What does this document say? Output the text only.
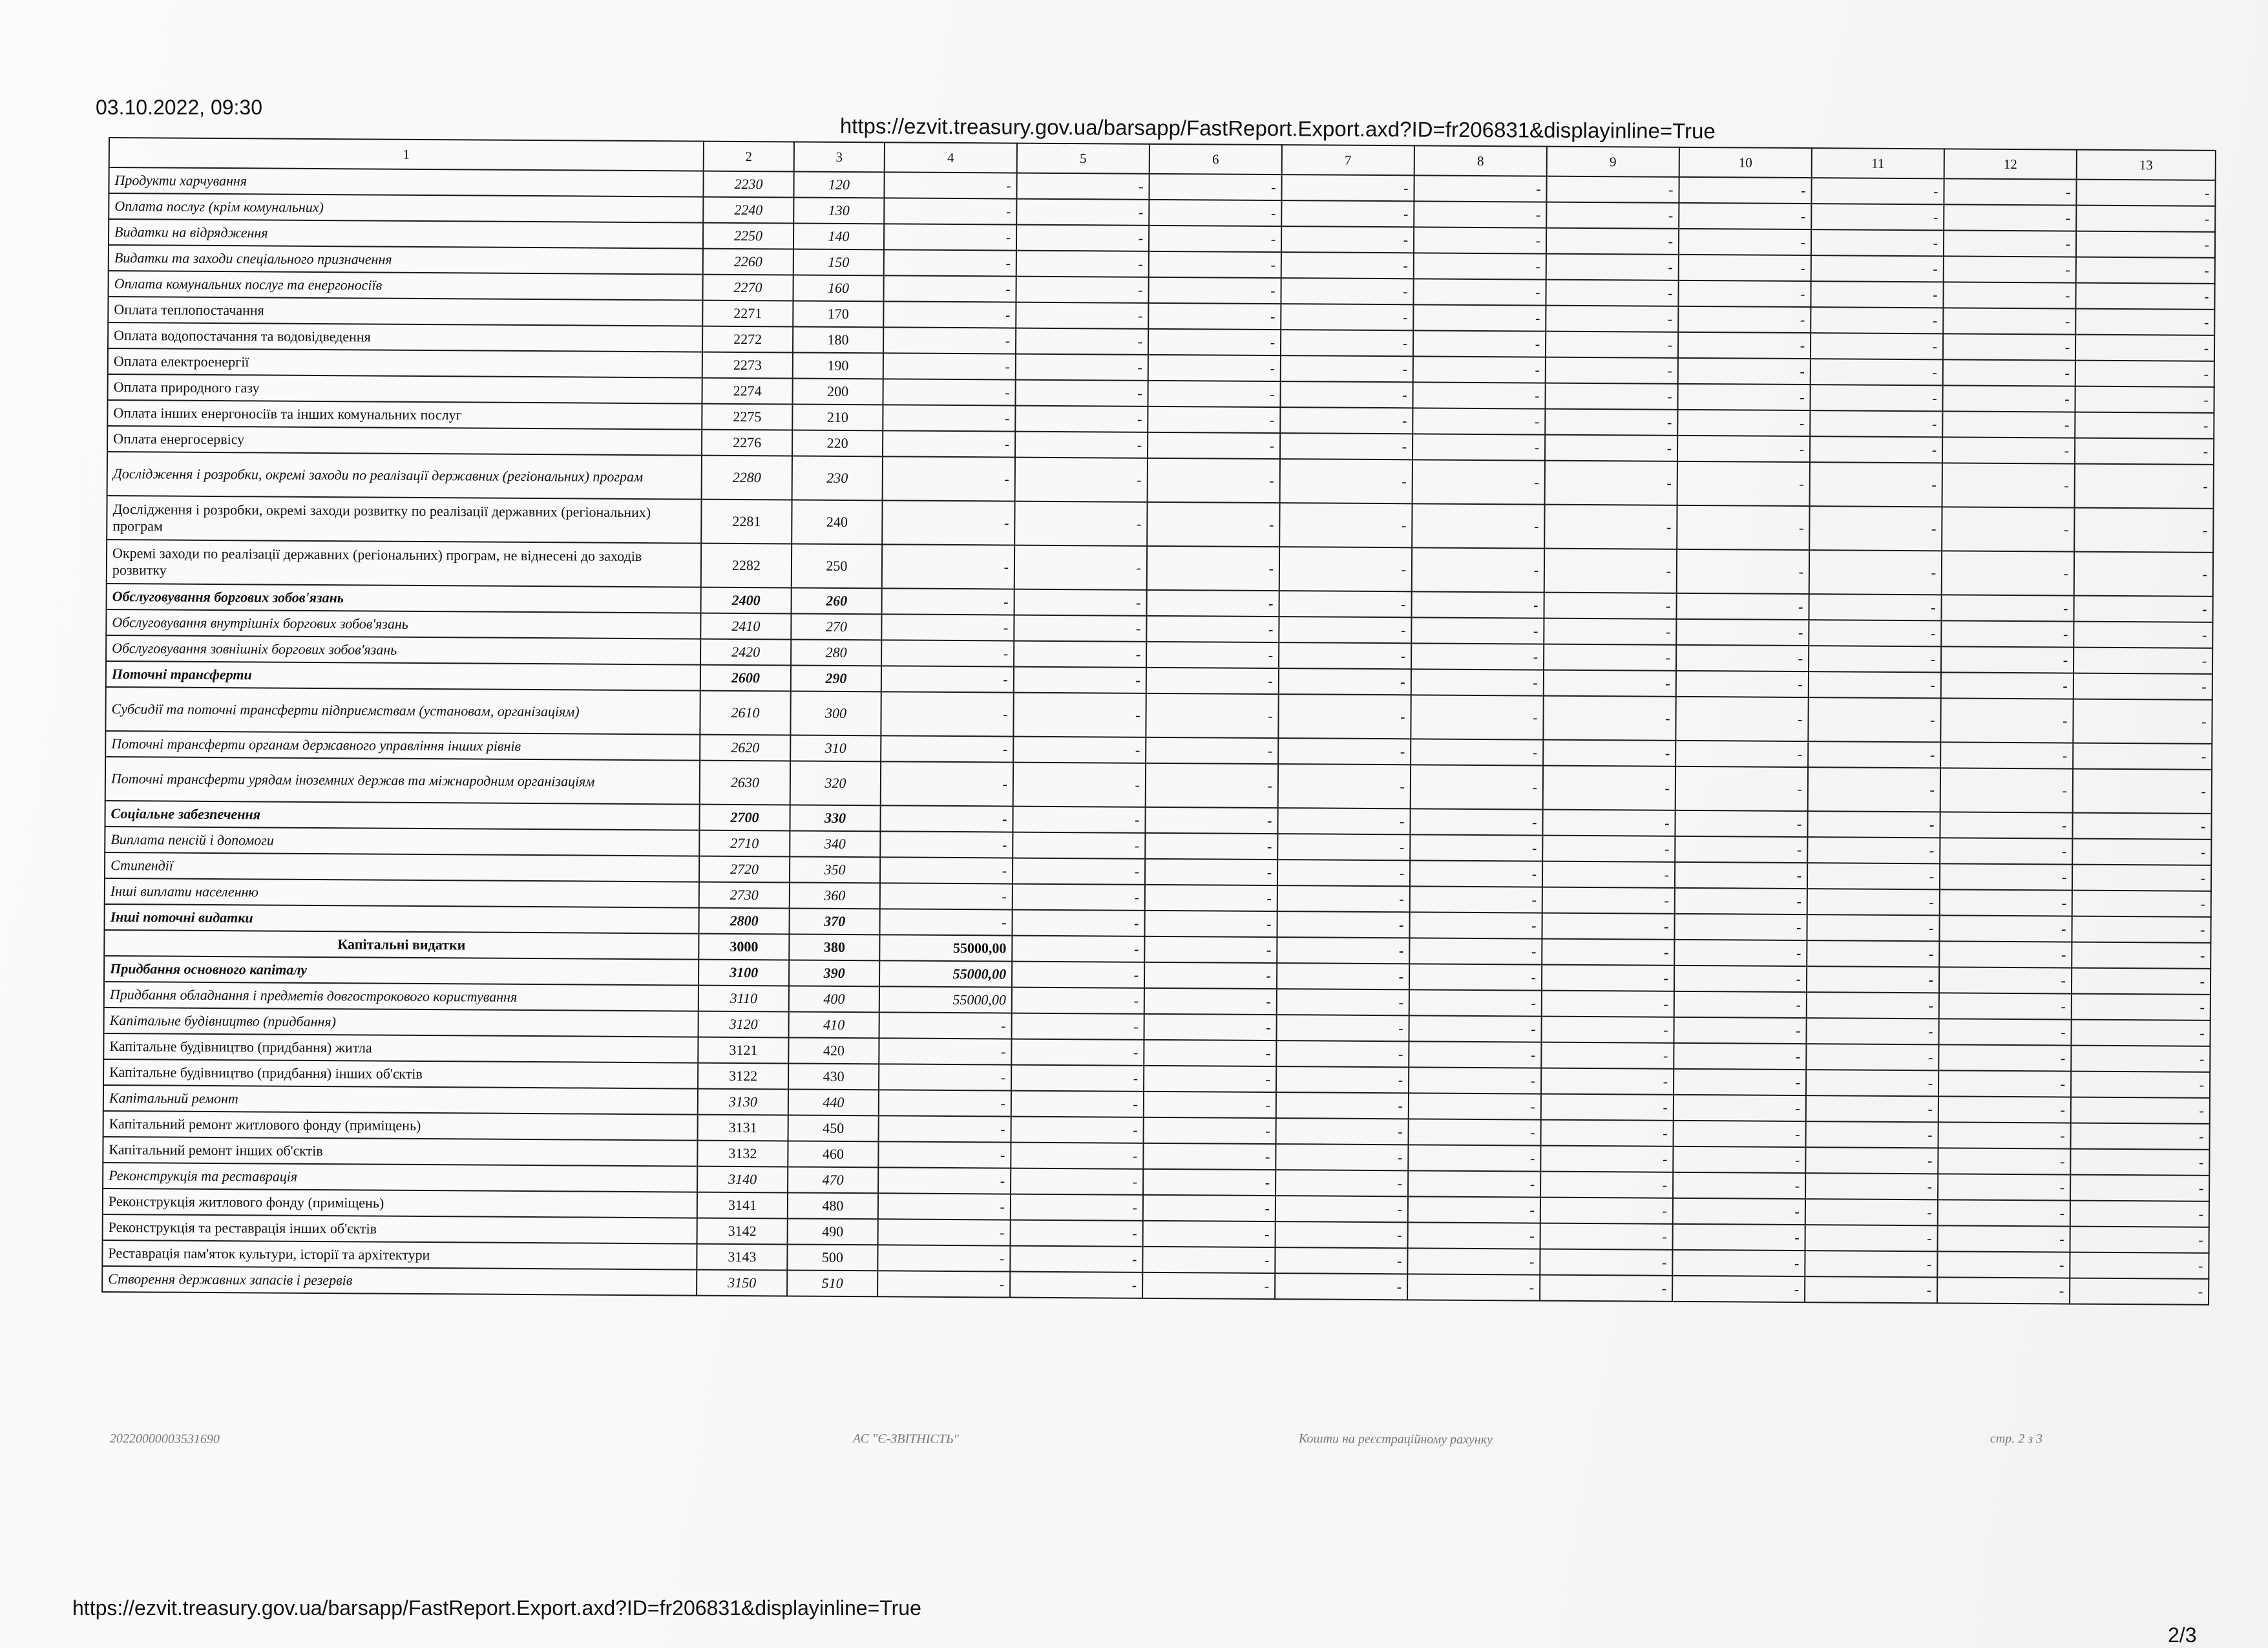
03.10.2022, 09:30
https://ezvit.treasury.gov.ua/barsapp/FastReport.Export.axd?ID=fr206831&displayinline=True
1	2	3	4	5	6	7	8	9	10	11	12	13
Продукти харчування	2230	120	-	-	-	-	-	-	-	-	-	-
Оплата послуг (крім комунальних)	2240	130	-	-	-	-	-	-	-	-	-	-
Видатки на відрядження	2250	140	-	-	-	-	-	-	-	-	-	-
Видатки та заходи спеціального призначення	2260	150	-	-	-	-	-	-	-	-	-	-
Оплата комунальних послуг та енергоносіїв	2270	160	-	-	-	-	-	-	-	-	-	-
Оплата теплопостачання	2271	170	-	-	-	-	-	-	-	-	-	-
Оплата водопостачання та водовідведення	2272	180	-	-	-	-	-	-	-	-	-	-
Оплата електроенергії	2273	190	-	-	-	-	-	-	-	-	-	-
Оплата природного газу	2274	200	-	-	-	-	-	-	-	-	-	-
Оплата інших енергоносіїв та інших комунальних послуг	2275	210	-	-	-	-	-	-	-	-	-	-
Оплата енергосервісу	2276	220	-	-	-	-	-	-	-	-	-	-
Дослідження і розробки, окремі заходи по реалізації державних (регіональних) програм	2280	230	-	-	-	-	-	-	-	-	-	-
Дослідження і розробки, окремі заходи розвитку по реалізації державних (регіональних) програм	2281	240	-	-	-	-	-	-	-	-	-	-
Окремі заходи по реалізації державних (регіональних) програм, не віднесені до заходів розвитку	2282	250	-	-	-	-	-	-	-	-	-	-
Обслуговування боргових зобов'язань	2400	260	-	-	-	-	-	-	-	-	-	-
Обслуговування внутрішніх боргових зобов'язань	2410	270	-	-	-	-	-	-	-	-	-	-
Обслуговування зовнішніх боргових зобов'язань	2420	280	-	-	-	-	-	-	-	-	-	-
Поточні трансферти	2600	290	-	-	-	-	-	-	-	-	-	-
Субсидії та поточні трансферти підприємствам (установам, організаціям)	2610	300	-	-	-	-	-	-	-	-	-	-
Поточні трансферти органам державного управління інших рівнів	2620	310	-	-	-	-	-	-	-	-	-	-
Поточні трансферти урядам іноземних держав та міжнародним організаціям	2630	320	-	-	-	-	-	-	-	-	-	-
Соціальне забезпечення	2700	330	-	-	-	-	-	-	-	-	-	-
Виплата пенсій і допомоги	2710	340	-	-	-	-	-	-	-	-	-	-
Стипендії	2720	350	-	-	-	-	-	-	-	-	-	-
Інші виплати населенню	2730	360	-	-	-	-	-	-	-	-	-	-
Інші поточні видатки	2800	370	-	-	-	-	-	-	-	-	-	-
Капітальні видатки	3000	380	55000,00	-	-	-	-	-	-	-	-	-
Придбання основного капіталу	3100	390	55000,00	-	-	-	-	-	-	-	-	-
Придбання обладнання і предметів довгострокового користування	3110	400	55000,00	-	-	-	-	-	-	-	-	-
Капітальне будівництво (придбання)	3120	410	-	-	-	-	-	-	-	-	-	-
Капітальне будівництво (придбання) житла	3121	420	-	-	-	-	-	-	-	-	-	-
Капітальне будівництво (придбання) інших об'єктів	3122	430	-	-	-	-	-	-	-	-	-	-
Капітальний ремонт	3130	440	-	-	-	-	-	-	-	-	-	-
Капітальний ремонт житлового фонду (приміщень)	3131	450	-	-	-	-	-	-	-	-	-	-
Капітальний ремонт інших об'єктів	3132	460	-	-	-	-	-	-	-	-	-	-
Реконструкція та реставрація	3140	470	-	-	-	-	-	-	-	-	-	-
Реконструкція житлового фонду (приміщень)	3141	480	-	-	-	-	-	-	-	-	-	-
Реконструкція та реставрація інших об'єктів	3142	490	-	-	-	-	-	-	-	-	-	-
Реставрація пам'яток культури, історії та архітектури	3143	500	-	-	-	-	-	-	-	-	-	-
Створення державних запасів і резервів	3150	510	-	-	-	-	-	-	-	-	-	-
20220000003531690	АС "Є-ЗВІТНІСТЬ"	Кошти на реєстраційному рахунку	стр. 2 з 3
https://ezvit.treasury.gov.ua/barsapp/FastReport.Export.axd?ID=fr206831&displayinline=True
2/3
